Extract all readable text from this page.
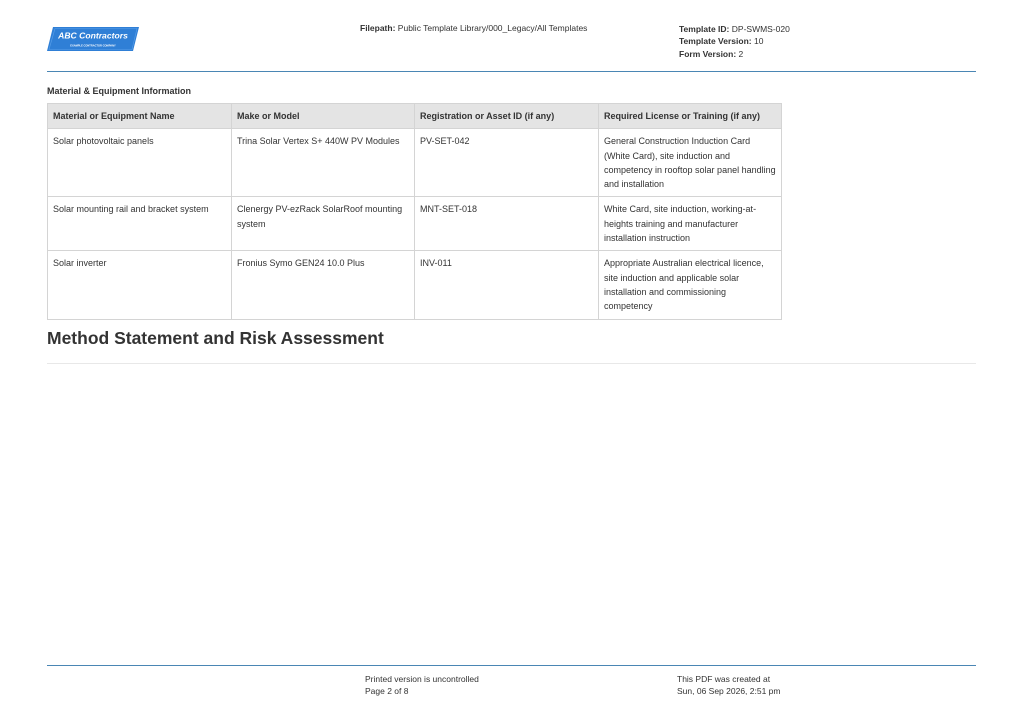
ABC Contractors
EXAMPLE CONTRACTOR COMPANY
Filepath: Public Template Library/000_Legacy/All Templates	Template ID: DP-SWMS-020
Template Version: 10
Form Version: 2
Material & Equipment Information
Material or Equipment Name	Make or Model	Registration or Asset ID (if any)	Required License or Training (if any)
Solar photovoltaic panels	Trina Solar Vertex S+ 440W PV Modules	PV-SET-042	General Construction Induction Card (White Card), site induction and competency in rooftop solar panel handling and installation
Solar mounting rail and bracket system	Clenergy PV-ezRack SolarRoof mounting system	MNT-SET-018	White Card, site induction, working-at-heights training and manufacturer installation instruction
Solar inverter	Fronius Symo GEN24 10.0 Plus	INV-011	Appropriate Australian electrical licence, site induction and applicable solar installation and commissioning competency
Method Statement and Risk Assessment
Printed version is uncontrolled
Page 2 of 8
This PDF was created at
Sun, 06 Sep 2026, 2:51 pm
